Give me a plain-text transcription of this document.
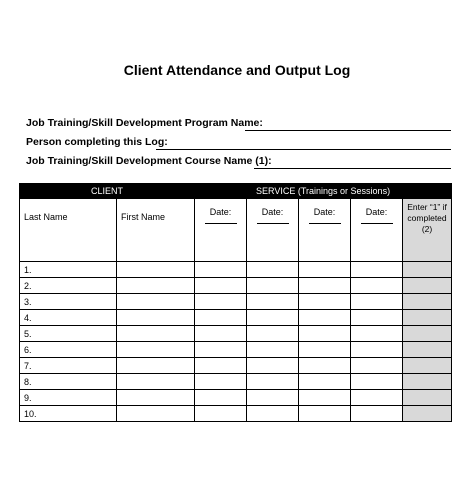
Client Attendance and Output Log
Job Training/Skill Development Program Name:
Person completing this Log:
Job Training/Skill Development Course Name (1):
CLIENT		SERVICE (Trainings or Sessions)				
Last Name	First Name	Date:	Date:	Date:	Date:	Enter “1” if completed (2)
1.						
2.						
3.						
4.						
5.						
6.						
7.						
8.						
9.						
10.						
